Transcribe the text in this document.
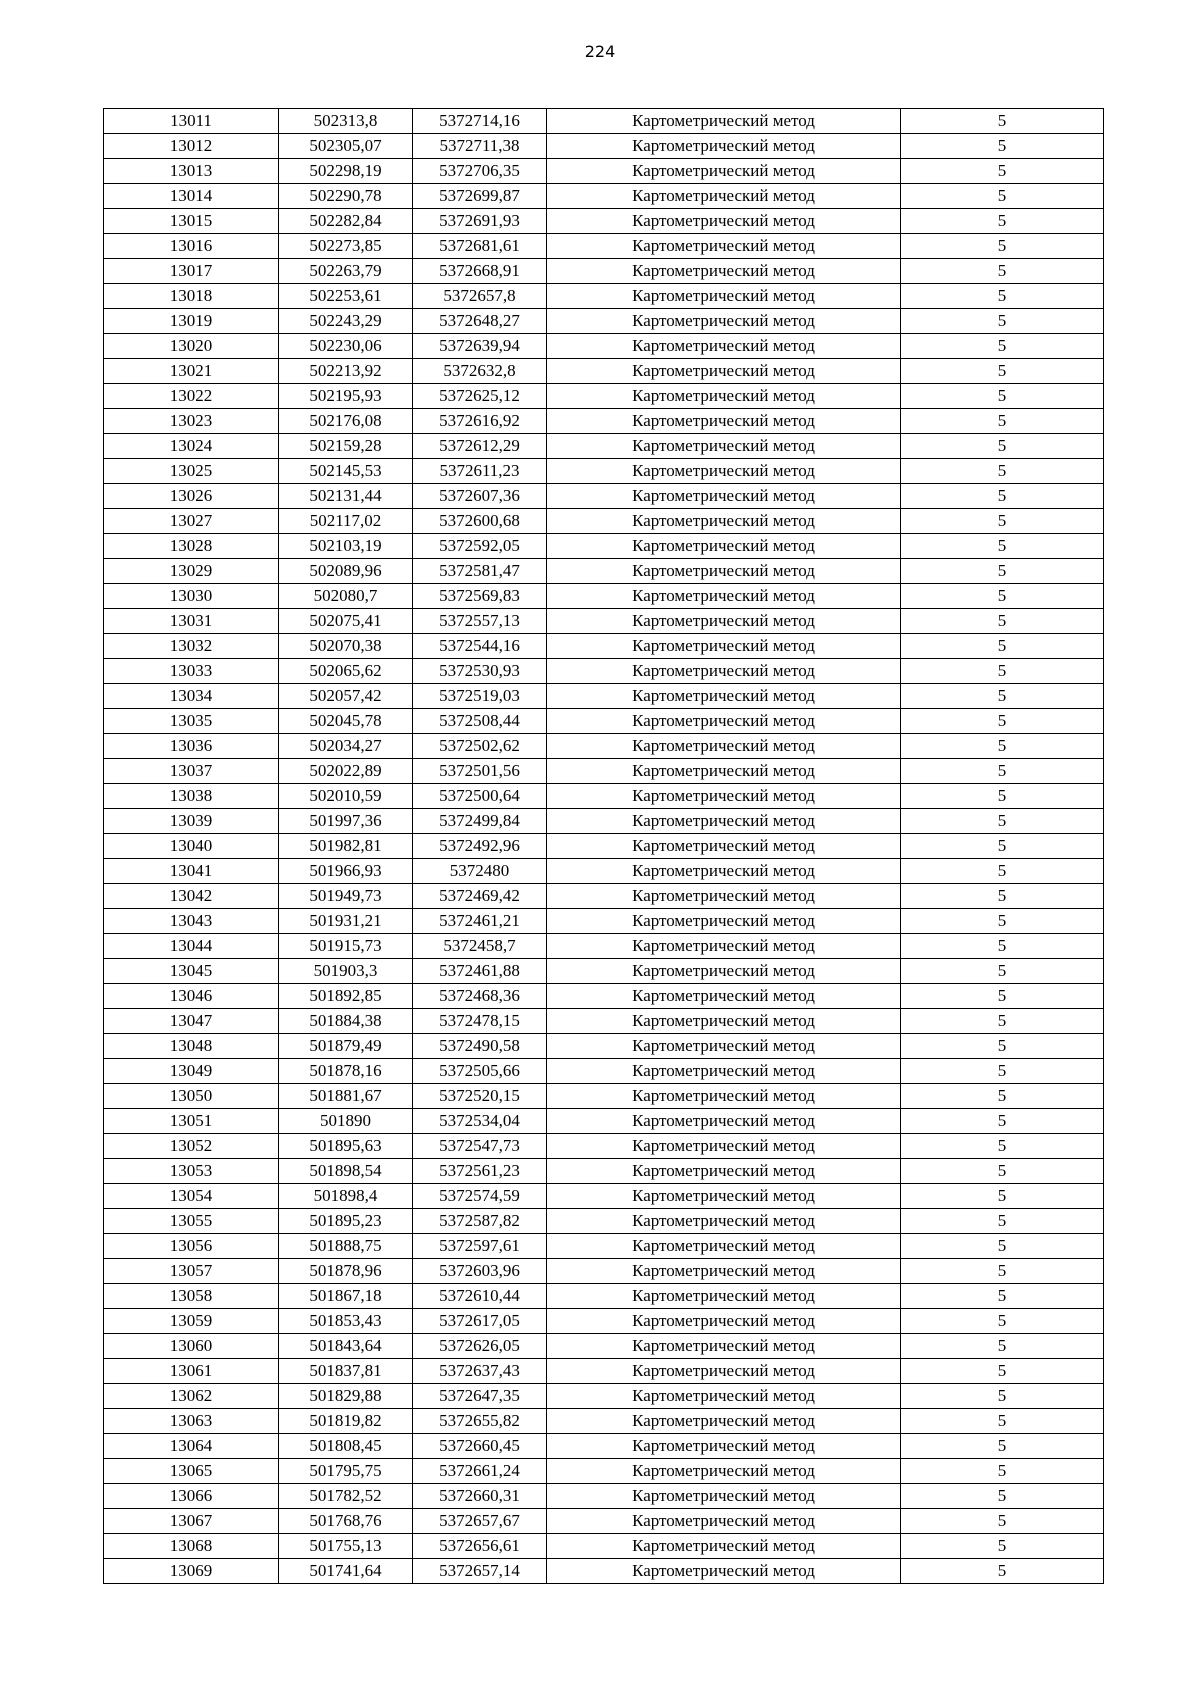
224
13011	502313,8	5372714,16	Картометрический метод	5
13012	502305,07	5372711,38	Картометрический метод	5
13013	502298,19	5372706,35	Картометрический метод	5
13014	502290,78	5372699,87	Картометрический метод	5
13015	502282,84	5372691,93	Картометрический метод	5
13016	502273,85	5372681,61	Картометрический метод	5
13017	502263,79	5372668,91	Картометрический метод	5
13018	502253,61	5372657,8	Картометрический метод	5
13019	502243,29	5372648,27	Картометрический метод	5
13020	502230,06	5372639,94	Картометрический метод	5
13021	502213,92	5372632,8	Картометрический метод	5
13022	502195,93	5372625,12	Картометрический метод	5
13023	502176,08	5372616,92	Картометрический метод	5
13024	502159,28	5372612,29	Картометрический метод	5
13025	502145,53	5372611,23	Картометрический метод	5
13026	502131,44	5372607,36	Картометрический метод	5
13027	502117,02	5372600,68	Картометрический метод	5
13028	502103,19	5372592,05	Картометрический метод	5
13029	502089,96	5372581,47	Картометрический метод	5
13030	502080,7	5372569,83	Картометрический метод	5
13031	502075,41	5372557,13	Картометрический метод	5
13032	502070,38	5372544,16	Картометрический метод	5
13033	502065,62	5372530,93	Картометрический метод	5
13034	502057,42	5372519,03	Картометрический метод	5
13035	502045,78	5372508,44	Картометрический метод	5
13036	502034,27	5372502,62	Картометрический метод	5
13037	502022,89	5372501,56	Картометрический метод	5
13038	502010,59	5372500,64	Картометрический метод	5
13039	501997,36	5372499,84	Картометрический метод	5
13040	501982,81	5372492,96	Картометрический метод	5
13041	501966,93	5372480	Картометрический метод	5
13042	501949,73	5372469,42	Картометрический метод	5
13043	501931,21	5372461,21	Картометрический метод	5
13044	501915,73	5372458,7	Картометрический метод	5
13045	501903,3	5372461,88	Картометрический метод	5
13046	501892,85	5372468,36	Картометрический метод	5
13047	501884,38	5372478,15	Картометрический метод	5
13048	501879,49	5372490,58	Картометрический метод	5
13049	501878,16	5372505,66	Картометрический метод	5
13050	501881,67	5372520,15	Картометрический метод	5
13051	501890	5372534,04	Картометрический метод	5
13052	501895,63	5372547,73	Картометрический метод	5
13053	501898,54	5372561,23	Картометрический метод	5
13054	501898,4	5372574,59	Картометрический метод	5
13055	501895,23	5372587,82	Картометрический метод	5
13056	501888,75	5372597,61	Картометрический метод	5
13057	501878,96	5372603,96	Картометрический метод	5
13058	501867,18	5372610,44	Картометрический метод	5
13059	501853,43	5372617,05	Картометрический метод	5
13060	501843,64	5372626,05	Картометрический метод	5
13061	501837,81	5372637,43	Картометрический метод	5
13062	501829,88	5372647,35	Картометрический метод	5
13063	501819,82	5372655,82	Картометрический метод	5
13064	501808,45	5372660,45	Картометрический метод	5
13065	501795,75	5372661,24	Картометрический метод	5
13066	501782,52	5372660,31	Картометрический метод	5
13067	501768,76	5372657,67	Картометрический метод	5
13068	501755,13	5372656,61	Картометрический метод	5
13069	501741,64	5372657,14	Картометрический метод	5
